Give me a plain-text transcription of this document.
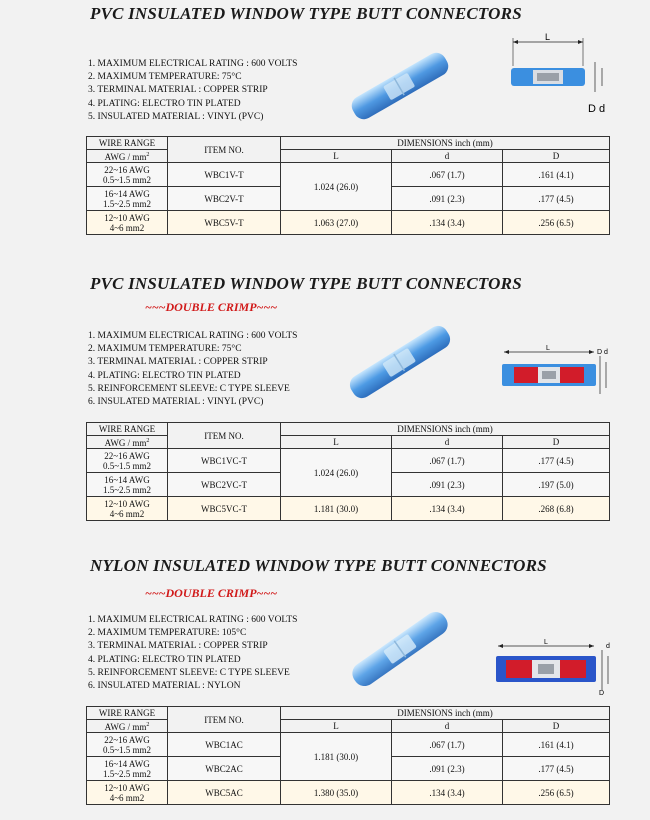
PVC INSULATED WINDOW TYPE BUTT CONNECTORS
1. MAXIMUM ELECTRICAL RATING : 600 VOLTS
2. MAXIMUM TEMPERATURE: 75°C
3. TERMINAL MATERIAL : COPPER STRIP
4. PLATING: ELECTRO TIN PLATED
5. INSULATED MATERIAL : VINYL (PVC)
L
D d
WIRE RANGE	ITEM NO.	DIMENSIONS inch (mm)		
AWG / $mm^2$		L	d	D
22~16 AWG
0.5~1.5 mm2	WBC1V-T	1.024 (26.0)	.067 (1.7)	.161 (4.1)
16~14 AWG
1.5~2.5 mm2	WBC2V-T		.091 (2.3)	.177 (4.5)
12~10 AWG
4~6 mm2	WBC5V-T	1.063 (27.0)	.134 (3.4)	.256 (6.5)
PVC INSULATED WINDOW TYPE BUTT CONNECTORS
~~~DOUBLE CRIMP~~~
1. MAXIMUM ELECTRICAL RATING : 600 VOLTS
2. MAXIMUM TEMPERATURE: 75°C
3. TERMINAL MATERIAL : COPPER STRIP
4. PLATING: ELECTRO TIN PLATED
5. REINFORCEMENT SLEEVE: C TYPE SLEEVE
6. INSULATED MATERIAL : VINYL (PVC)
L
D d
WIRE RANGE	ITEM NO.	DIMENSIONS inch (mm)		
AWG / $mm^2$		L	d	D
22~16 AWG
0.5~1.5 mm2	WBC1VC-T	1.024 (26.0)	.067 (1.7)	.177 (4.5)
16~14 AWG
1.5~2.5 mm2	WBC2VC-T		.091 (2.3)	.197 (5.0)
12~10 AWG
4~6 mm2	WBC5VC-T	1.181 (30.0)	.134 (3.4)	.268 (6.8)
NYLON INSULATED WINDOW TYPE BUTT CONNECTORS
~~~DOUBLE CRIMP~~~
1. MAXIMUM ELECTRICAL RATING : 600 VOLTS
2. MAXIMUM TEMPERATURE: 105°C
3. TERMINAL MATERIAL : COPPER STRIP
4. PLATING: ELECTRO TIN PLATED
5. REINFORCEMENT SLEEVE: C TYPE SLEEVE
6. INSULATED MATERIAL : NYLON
L
D
d
WIRE RANGE	ITEM NO.	DIMENSIONS inch (mm)		
AWG / $mm^2$		L	d	D
22~16 AWG
0.5~1.5 mm2	WBC1AC	1.181 (30.0)	.067 (1.7)	.161 (4.1)
16~14 AWG
1.5~2.5 mm2	WBC2AC		.091 (2.3)	.177 (4.5)
12~10 AWG
4~6 mm2	WBC5AC	1.380 (35.0)	.134 (3.4)	.256 (6.5)
